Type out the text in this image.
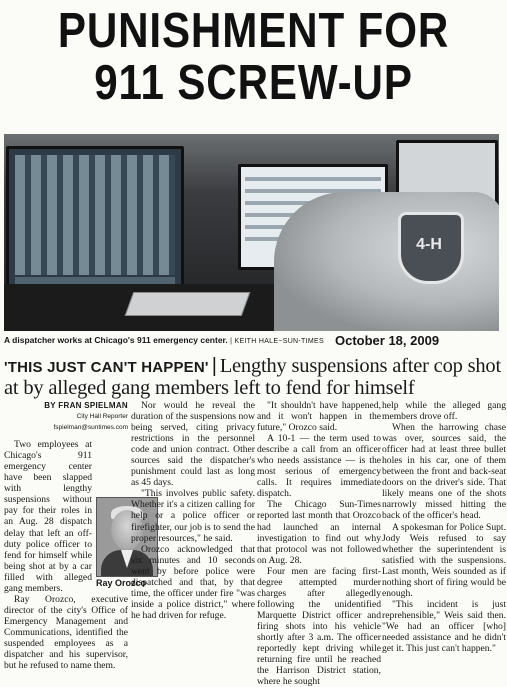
PUNISHMENT FOR
911 SCREW-UP
4-H
A dispatcher works at Chicago's 911 emergency center. | KEITH HALE~SUN-TIMES October 18, 2009
'THIS JUST CAN'T HAPPEN' | Lengthy suspensions after cop shot at by alleged gang members left to fend for himself
BY FRAN SPIELMAN
City Hall Reporter
fspielman@suntimes.com

Two employees at Chicago's 911 emergency center have been slapped with lengthy suspensions without pay for their roles in an Aug. 28 dispatch delay that left an off-duty police officer to fend for himself while being shot at by a car filled with alleged gang members.

Ray Orozco, executive director of the city's Office of Emergency Management and Communications, identified the suspended employees as a dispatcher and his supervisor, but he refused to name them.

Ray Orozco

Nor would he reveal the duration of the suspensions now being served, citing privacy restrictions in the personnel code and union contract. Other sources said the dispatcher's punishment could last as long as 45 days.

"This involves public safety. Whether it's a citizen calling for help or a police officer or firefighter, our job is to send the proper resources," he said.

Orozco acknowledged that six minutes and 10 seconds went by before police were dispatched and that, by that time, the officer under fire "was inside a police district," where he had driven for refuge.

"It shouldn't have happened, and it won't happen in the future," Orozco said.

A 10-1 — the term used to describe a call from an officer who needs assistance — is the most serious of emergency calls. It requires immediate dispatch.

The Chicago Sun-Times reported last month that Orozco had launched an internal investigation to find out why that protocol was not followed on Aug. 28.

Four men are facing first-degree attempted murder charges after allegedly following the unidentified Marquette District officer and firing shots into his vehicle shortly after 3 a.m. The officer reportedly kept driving while returning fire until he reached the Harrison District station, where he sought

help while the alleged gang members drove off.

When the harrowing chase was over, sources said, the officer had at least three bullet holes in his car, one of them between the front and back-seat doors on the driver's side. That likely means one of the shots narrowly missed hitting the back of the officer's head.

A spokesman for Police Supt. Jody Weis refused to say whether the superintendent is satisfied with the suspensions. Last month, Weis sounded as if nothing short of firing would be enough.

"This incident is just reprehensible," Weis said then. "We had an officer [who] needed assistance and he didn't get it. This just can't happen."
